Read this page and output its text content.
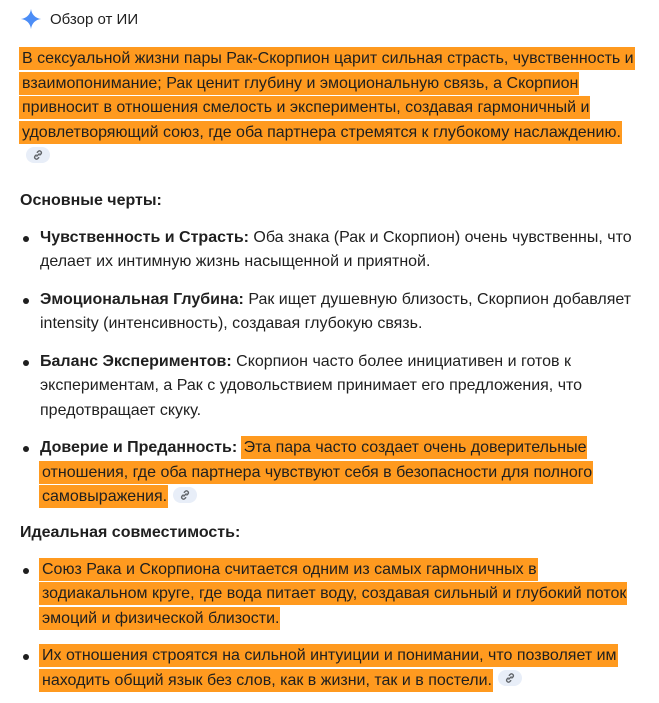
Обзор от ИИ
В сексуальной жизни пары Рак-Скорпион царит сильная страсть, чувственность и взаимопонимание; Рак ценит глубину и эмоциональную связь, а Скорпион привносит в отношения смелость и эксперименты, создавая гармоничный и удовлетворяющий союз, где оба партнера стремятся к глубокому наслаждению.
Основные черты:
Чувственность и Страсть: Оба знака (Рак и Скорпион) очень чувственны, что делает их интимную жизнь насыщенной и приятной.
Эмоциональная Глубина: Рак ищет душевную близость, Скорпион добавляет intensity (интенсивность), создавая глубокую связь.
Баланс Экспериментов: Скорпион часто более инициативен и готов к экспериментам, а Рак с удовольствием принимает его предложения, что предотвращает скуку.
Доверие и Преданность: Эта пара часто создает очень доверительные отношения, где оба партнера чувствуют себя в безопасности для полного самовыражения.
Идеальная совместимость:
Союз Рака и Скорпиона считается одним из самых гармоничных в зодиакальном круге, где вода питает воду, создавая сильный и глубокий поток эмоций и физической близости.
Их отношения строятся на сильной интуиции и понимании, что позволяет им находить общий язык без слов, как в жизни, так и в постели.
